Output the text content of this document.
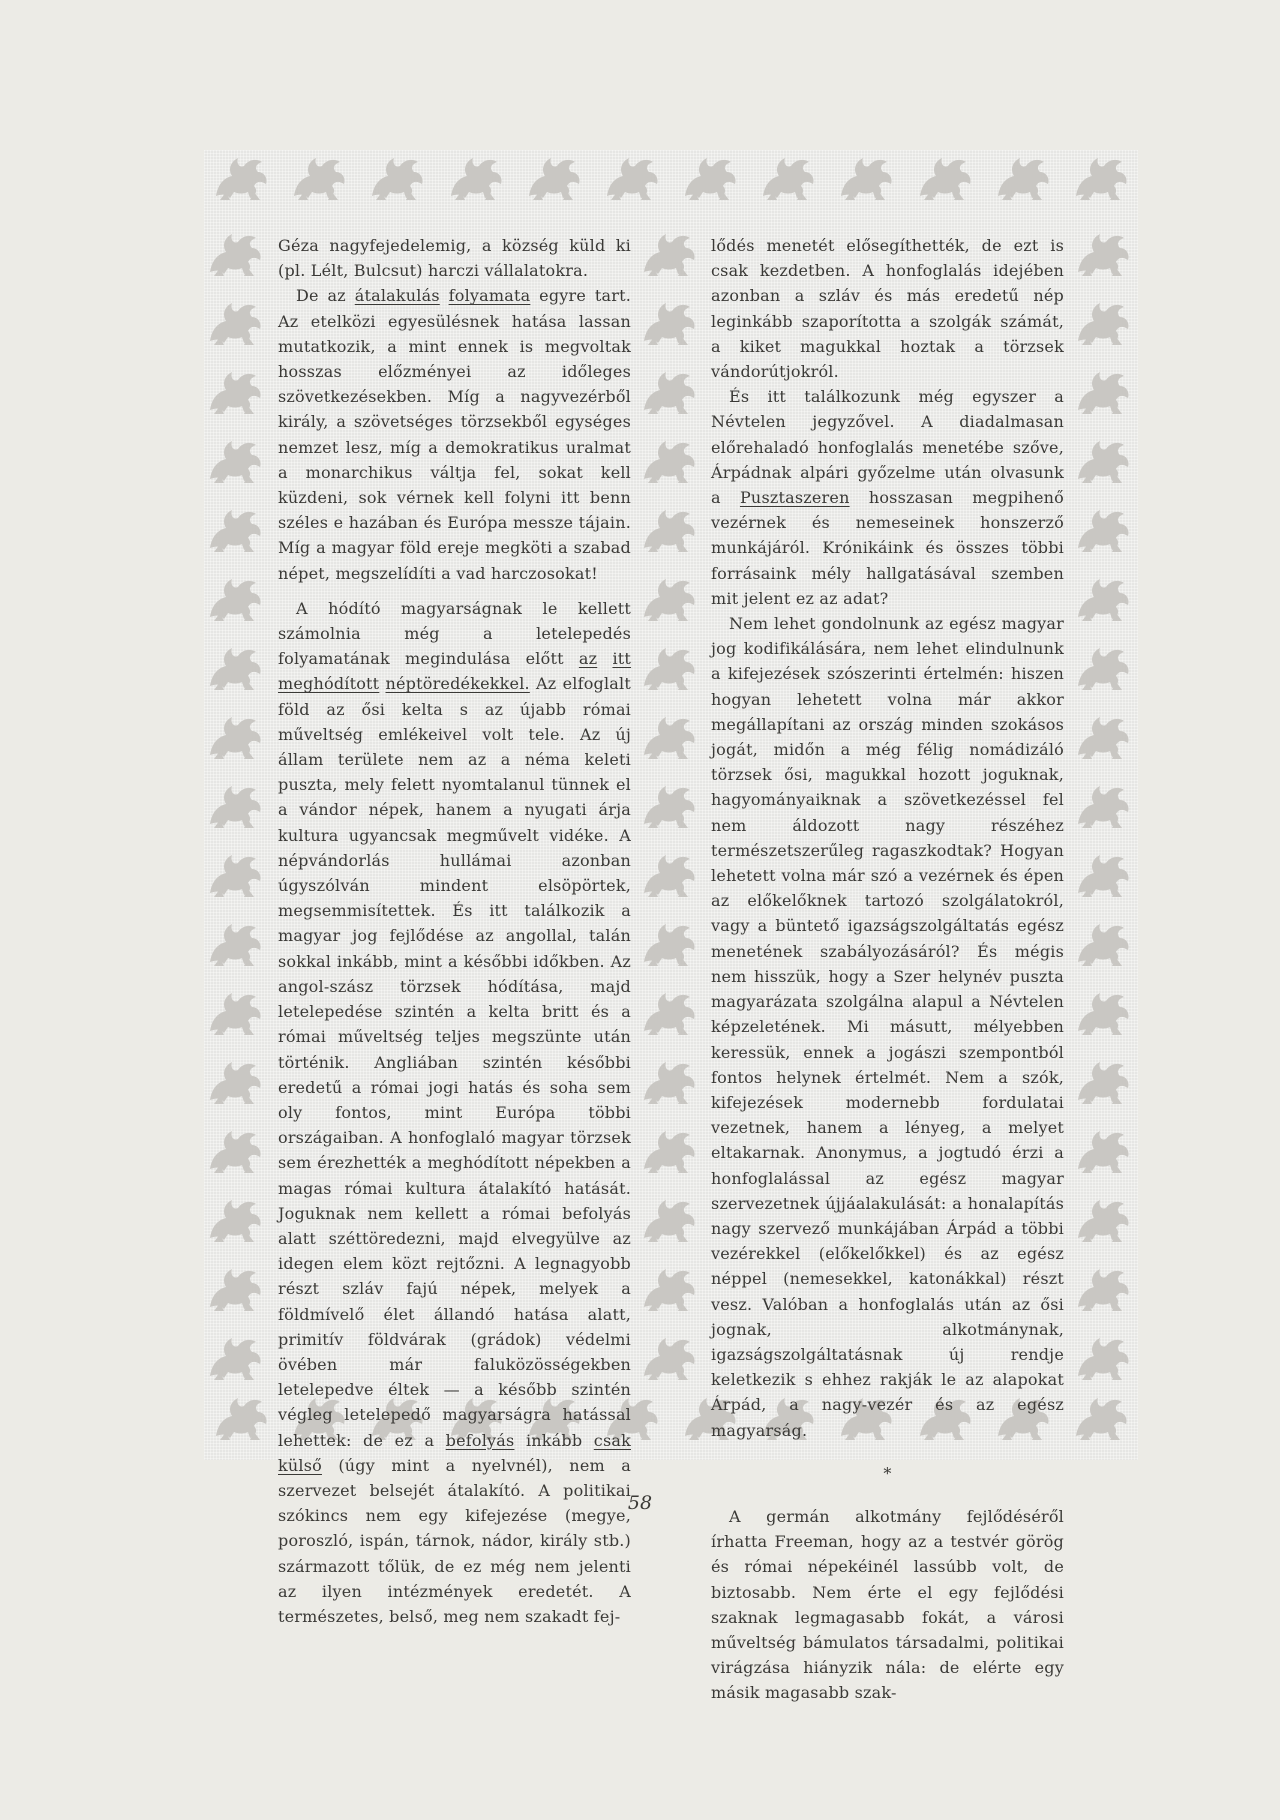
Géza nagyfejedelemig, a község küld ki (pl. Lélt, Bulcsut) harczi vállalatokra.

De az átalakulás folyamata egyre tart. Az etelközi egyesülésnek hatása lassan mutatkozik, a mint ennek is megvoltak hosszas előzményei az időleges szövetkezésekben. Míg a nagyvezérből király, a szövetséges törzsekből egységes nemzet lesz, míg a demokratikus uralmat a monarchikus váltja fel, sokat kell küzdeni, sok vérnek kell folyni itt benn széles e hazában és Európa messze tájain. Míg a magyar föld ereje megköti a szabad népet, megszelídíti a vad harczosokat!

A hódító magyarságnak le kellett számolnia még a letelepedés folyamatának megindulása előtt az itt meghódított néptöredékekkel. Az elfoglalt föld az ősi kelta s az újabb római műveltség emlékeivel volt tele. Az új állam területe nem az a néma keleti puszta, mely felett nyomtalanul tünnek el a vándor népek, hanem a nyugati árja kultura ugyancsak megművelt vidéke. A népvándorlás hullámai azonban úgyszólván mindent elsöpörtek, megsemmisítettek. És itt találkozik a magyar jog fejlődése az angollal, talán sokkal inkább, mint a későbbi időkben. Az angol-szász törzsek hódítása, majd letelepedése szintén a kelta britt és a római műveltség teljes megszünte után történik. Angliában szintén későbbi eredetű a római jogi hatás és soha sem oly fontos, mint Európa többi országaiban. A honfoglaló magyar törzsek sem érezhették a meghódított népekben a magas római kultura átalakító hatását. Joguknak nem kellett a római befolyás alatt széttöredezni, majd elvegyülve az idegen elem közt rejtőzni. A legnagyobb részt szláv fajú népek, melyek a földmívelő élet állandó hatása alatt, primitív földvárak (grádok) védelmi övében már faluközösségekben letelepedve éltek — a később szintén végleg letelepedő magyarságra hatással lehettek: de ez a befolyás inkább csak külső (úgy mint a nyelvnél), nem a szervezet belsejét átalakító. A politikai szókincs nem egy kifejezése (megye, poroszló, ispán, tárnok, nádor, király stb.) származott tőlük, de ez még nem jelenti az ilyen intézmények eredetét. A természetes, belső, meg nem szakadt fej-

lődés menetét elősegíthették, de ezt is csak kezdetben. A honfoglalás idejében azonban a szláv és más eredetű nép leginkább szaporította a szolgák számát, a kiket magukkal hoztak a törzsek vándorútjokról.

És itt találkozunk még egyszer a Névtelen jegyzővel. A diadalmasan előrehaladó honfoglalás menetébe szőve, Árpádnak alpári győzelme után olvasunk a Pusztaszeren hosszasan megpihenő vezérnek és nemeseinek honszerző munkájáról. Krónikáink és összes többi forrásaink mély hallgatásával szemben mit jelent ez az adat?

Nem lehet gondolnunk az egész magyar jog kodifikálására, nem lehet elindulnunk a kifejezések szószerinti értelmén: hiszen hogyan lehetett volna már akkor megállapítani az ország minden szokásos jogát, midőn a még félig nomádizáló törzsek ősi, magukkal hozott joguknak, hagyományaiknak a szövetkezéssel fel nem áldozott nagy részéhez természetszerűleg ragaszkodtak? Hogyan lehetett volna már szó a vezérnek és épen az előkelőknek tartozó szolgálatokról, vagy a büntető igazságszolgáltatás egész menetének szabályozásáról? És mégis nem hisszük, hogy a Szer helynév puszta magyarázata szolgálna alapul a Névtelen képzeletének. Mi másutt, mélyebben keressük, ennek a jogászi szempontból fontos helynek értelmét. Nem a szók, kifejezések modernebb fordulatai vezetnek, hanem a lényeg, a melyet eltakarnak. Anonymus, a jogtudó érzi a honfoglalással az egész magyar szervezetnek újjáalakulását: a honalapítás nagy szervező munkájában Árpád a többi vezérekkel (előkelőkkel) és az egész néppel (nemesekkel, katonákkal) részt vesz. Valóban a honfoglalás után az ősi jognak, alkotmánynak, igazságszolgáltatásnak új rendje keletkezik s ehhez rakják le az alapokat Árpád, a nagy-vezér és az egész magyarság.

*

A germán alkotmány fejlődéséről írhatta Freeman, hogy az a testvér görög és római népekéinél lassúbb volt, de biztosabb. Nem érte el egy fejlődési szaknak legmagasabb fokát, a városi műveltség bámulatos társadalmi, politikai virágzása hiányzik nála: de elérte egy másik magasabb szak-

58
